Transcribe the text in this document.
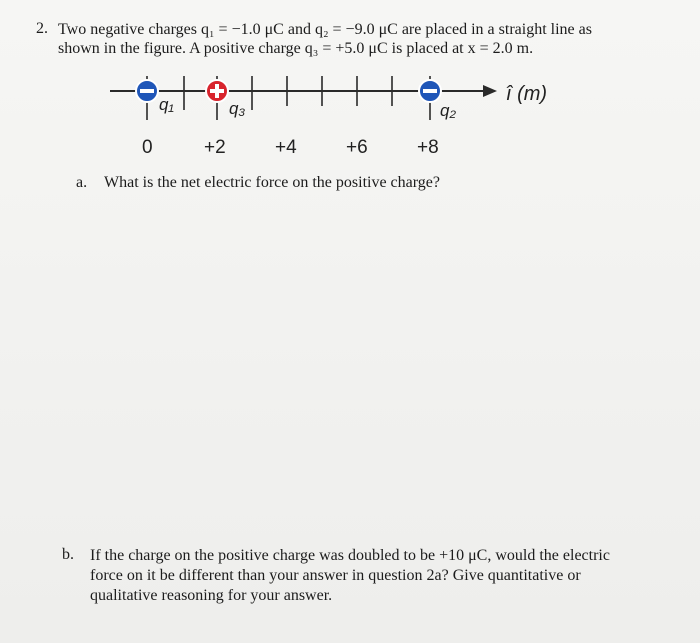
2. Two negative charges q₁ = −1.0 μC and q₂ = −9.0 μC are placed in a straight line as
shown in the figure. A positive charge q₃ = +5.0 μC is placed at x = 2.0 m.
q₁	q₃	q₂
î (m)
0	+2	+4	+6	+8
a. What is the net electric force on the positive charge?
b. If the charge on the positive charge was doubled to be +10 μC, would the electric
force on it be different than your answer in question 2a? Give quantitative or
qualitative reasoning for your answer.
